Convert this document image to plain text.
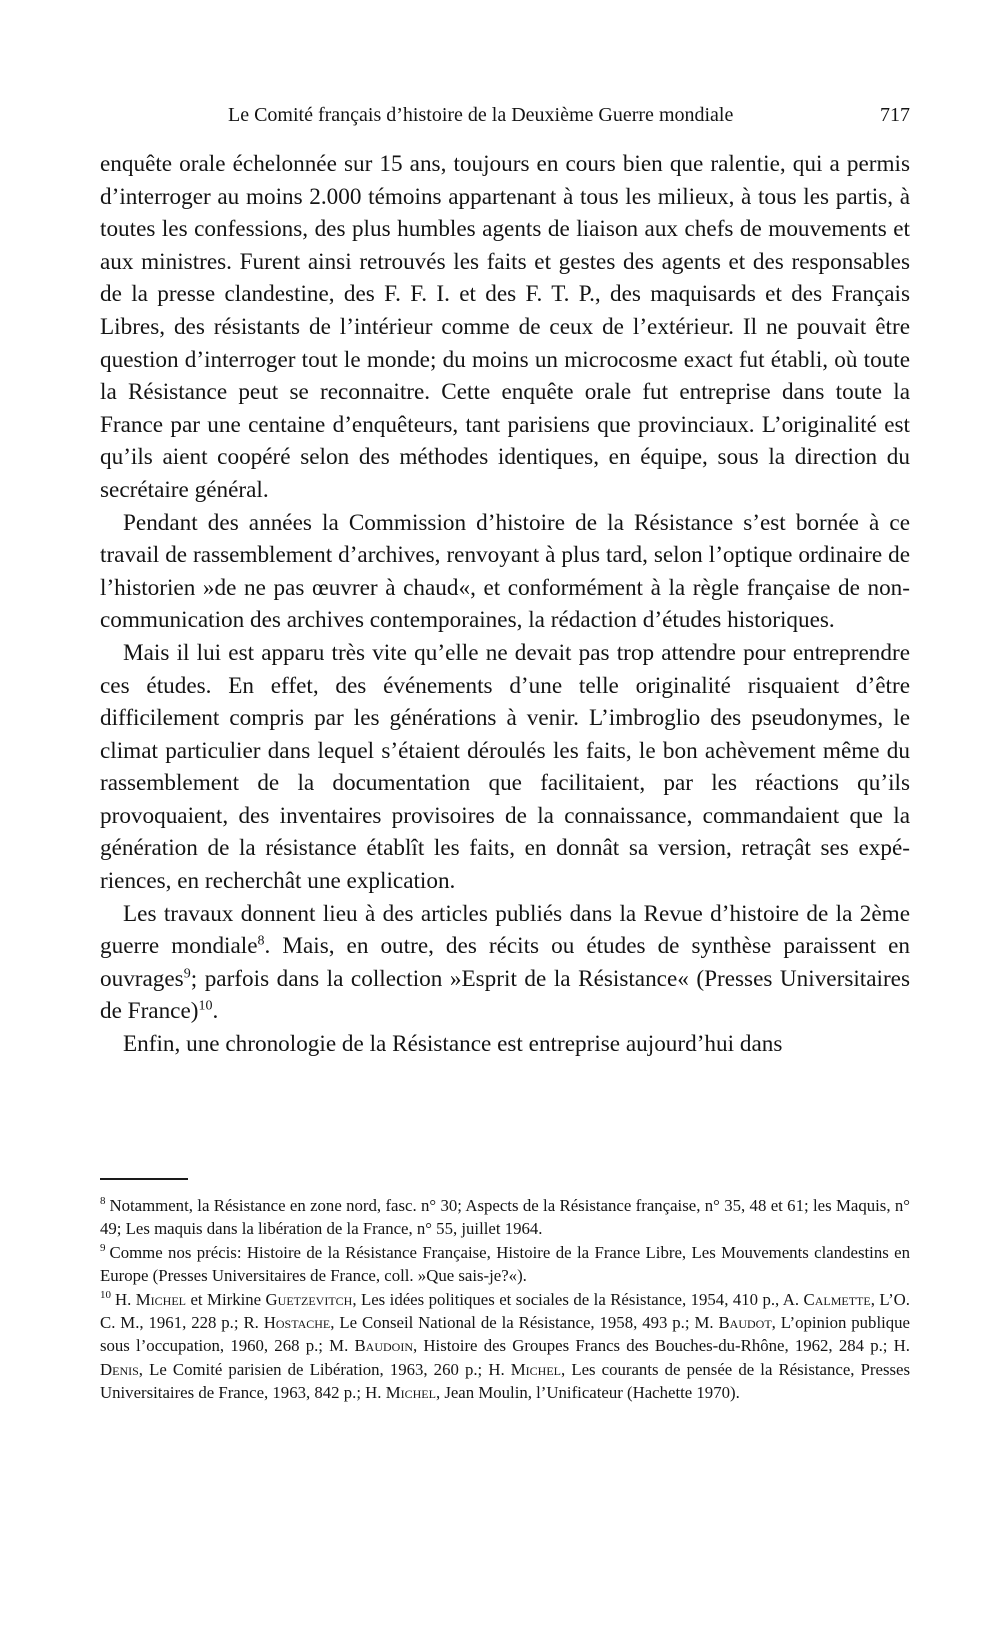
Le Comité français d’histoire de la Deuxième Guerre mondiale	717

enquête orale échelonnée sur 15 ans, toujours en cours bien que ralentie, qui a permis d’interroger au moins 2.000 témoins appartenant à tous les milieux, à tous les partis, à toutes les confessions, des plus humbles agents de liaison aux chefs de mouvements et aux ministres. Furent ainsi retrouvés les faits et gestes des agents et des responsables de la presse clandestine, des F. F. I. et des F. T. P., des maquisards et des Français Libres, des résistants de l’intérieur comme de ceux de l’extérieur. Il ne pouvait être question d’interroger tout le monde; du moins un microcosme exact fut établi, où toute la Résistance peut se reconnaitre. Cette enquête orale fut entreprise dans toute la France par une centaine d’enquêteurs, tant parisiens que provinciaux. L’originalité est qu’ils aient coopéré selon des méthodes identiques, en équipe, sous la direction du secrétaire général.

Pendant des années la Commission d’histoire de la Résistance s’est bornée à ce travail de rassemblement d’archives, renvoyant à plus tard, selon l’optique ordinaire de l’historien »de ne pas œuvrer à chaud«, et conformément à la règle française de non-communication des archives contemporaines, la rédaction d’études historiques.

Mais il lui est apparu très vite qu’elle ne devait pas trop attendre pour entreprendre ces études. En effet, des événements d’une telle originalité risquaient d’être difficilement compris par les générations à venir. L’imbroglio des pseudonymes, le climat particulier dans lequel s’étaient déroulés les faits, le bon achèvement même du rassemblement de la documentation que facilitaient, par les réactions qu’ils provoquaient, des inventaires provisoires de la connaissance, commandaient que la génération de la résistance établît les faits, en donnât sa version, retraçât ses expériences, en recherchât une explication.

Les travaux donnent lieu à des articles publiés dans la Revue d’histoire de la 2ème guerre mondiale$^8$. Mais, en outre, des récits ou études de synthèse paraissent en ouvrages$^9$; parfois dans la collection »Esprit de la Résistance« (Presses Universitaires de France)$^{10}$.

Enfin, une chronologie de la Résistance est entreprise aujourd’hui dans

$^8$ Notamment, la Résistance en zone nord, fasc. n° 30; Aspects de la Résistance française, n° 35, 48 et 61; les Maquis, n° 49; Les maquis dans la libération de la France, n° 55, juillet 1964.

$^9$ Comme nos précis: Histoire de la Résistance Française, Histoire de la France Libre, Les Mouvements clandestins en Europe (Presses Universitaires de France, coll. »Que sais-je?«).

$^{10}$ H. Michel et Mirkine Guetzevitch, Les idées politiques et sociales de la Résistance, 1954, 410 p., A. Calmette, L’O. C. M., 1961, 228 p.; R. Hostache, Le Conseil National de la Résistance, 1958, 493 p.; M. Baudot, L’opinion publique sous l’occupation, 1960, 268 p.; M. Baudoin, Histoire des Groupes Francs des Bouches-du-Rhône, 1962, 284 p.; H. Denis, Le Comité parisien de Libération, 1963, 260 p.; H. Michel, Les courants de pensée de la Résistance, Presses Universitaires de France, 1963, 842 p.; H. Michel, Jean Moulin, l’Unificateur (Hachette 1970).
